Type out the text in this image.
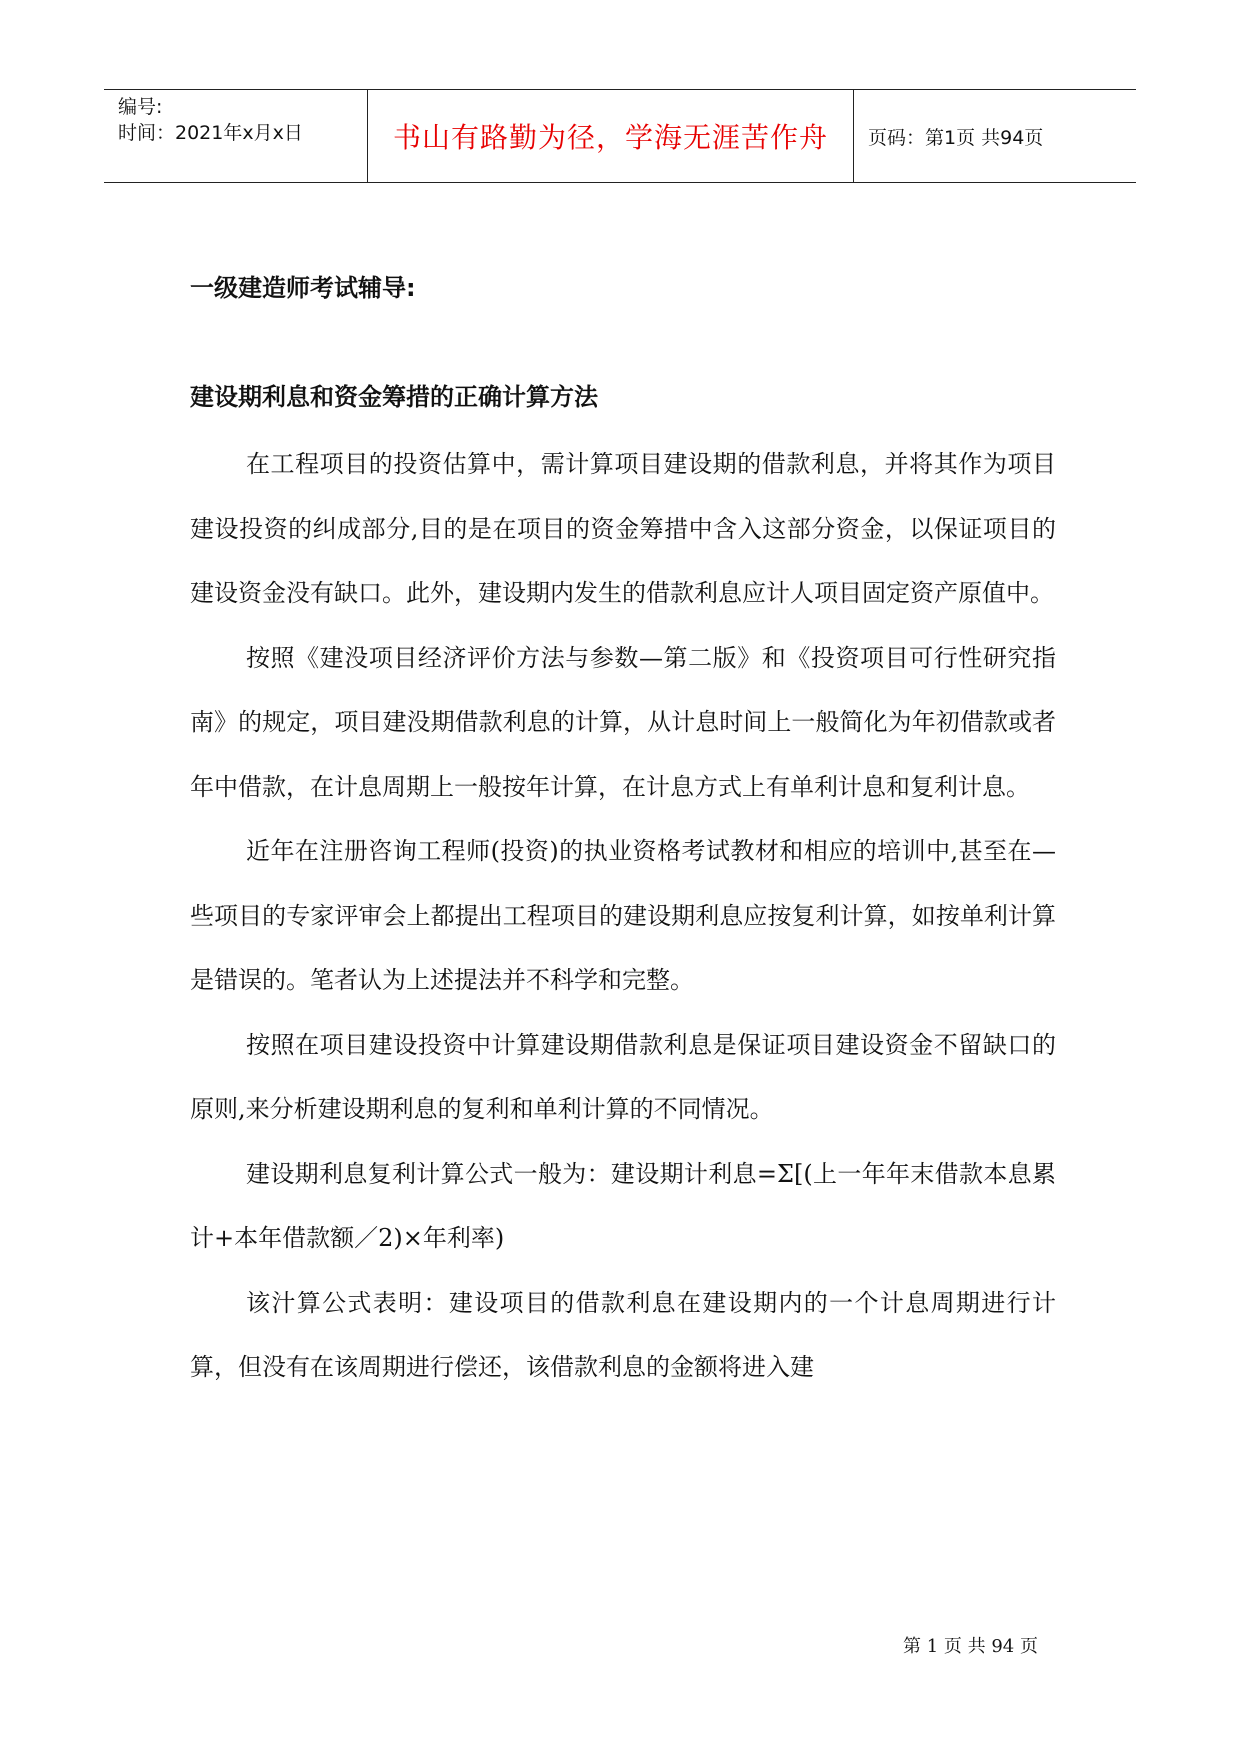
编号:
时间：2021年x月x日	书山有路勤为径，学海无涯苦作舟 页码：第1页 共94页
一级建造师考试辅导:
建设期利息和资金筹措的正确计算方法

在工程项目的投资估算中，需计算项目建设期的借款利息，并将其作为项目建设投资的纠成部分,目的是在项目的资金筹措中含入这部分资金，以保证项目的建设资金没有缺口。此外，建设期内发生的借款利息应计人项目固定资产原值中。

按照《建没项目经济评价方法与参数—第二版》和《投资项目可行性研究指南》的规定，项目建没期借款利息的计算，从计息时间上一般简化为年初借款或者年中借款，在计息周期上一般按年计算，在计息方式上有单利计息和复利计息。

近年在注册咨询工程师(投资)的执业资格考试教材和相应的培训中,甚至在—些项目的专家评审会上都提出工程项目的建设期利息应按复利计算，如按单利计算是错误的。笔者认为上述提法并不科学和完整。

按照在项目建设投资中计算建设期借款利息是保证项目建设资金不留缺口的原则,来分析建设期利息的复利和单利计算的不同情况。

建设期利息复利计算公式一般为：建设期计利息=Σ[(上一年年末借款本息累计+本年借款额／2)×年利率)

该汁算公式表明：建设项目的借款利息在建设期内的一个计息周期进行计算，但没有在该周期进行偿还，该借款利息的金额将进入建

第 1 页 共 94 页
